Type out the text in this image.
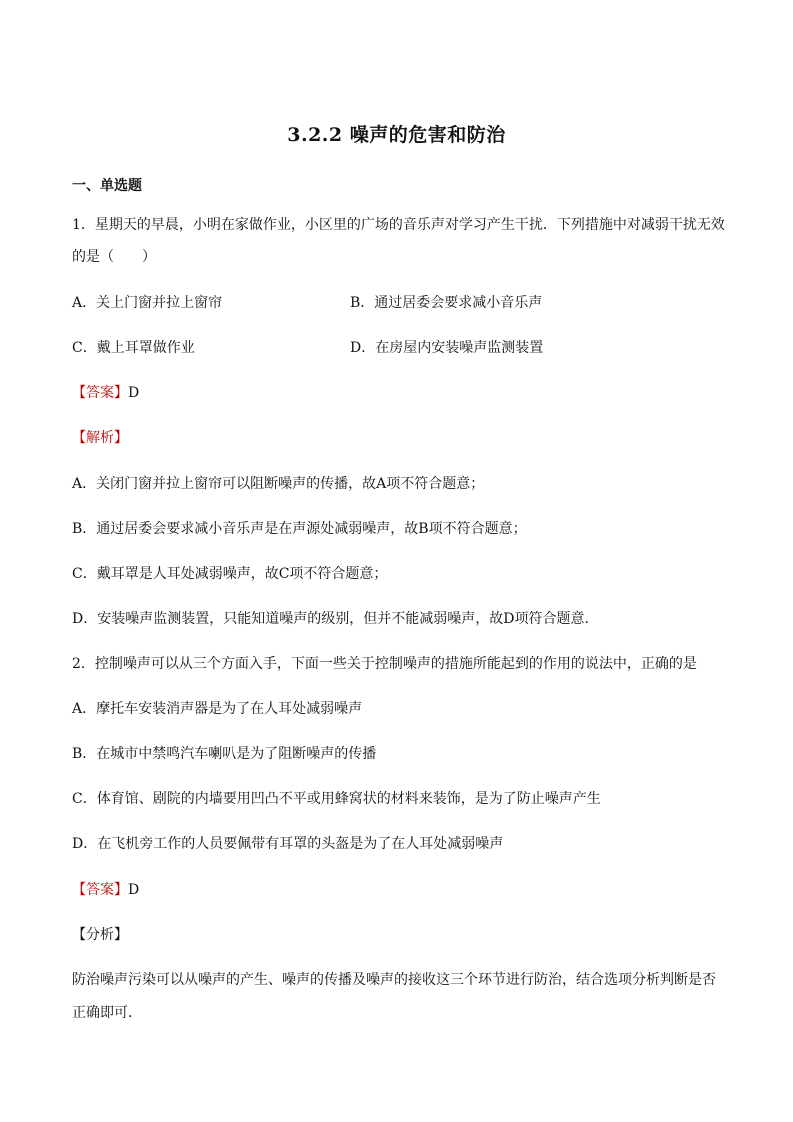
3.2.2 噪声的危害和防治
一、单选题
1．星期天的早晨，小明在家做作业，小区里的广场的音乐声对学习产生干扰．下列措施中对减弱干扰无效
的是（　　）
A．关上门窗并拉上窗帘	B．通过居委会要求减小音乐声
C．戴上耳罩做作业	D．在房屋内安装噪声监测装置
【答案】D
【解析】
A．关闭门窗并拉上窗帘可以阻断噪声的传播，故A项不符合题意；
B．通过居委会要求减小音乐声是在声源处减弱噪声，故B项不符合题意；
C．戴耳罩是人耳处减弱噪声，故C项不符合题意；
D．安装噪声监测装置，只能知道噪声的级别，但并不能减弱噪声，故D项符合题意．
2．控制噪声可以从三个方面入手，下面一些关于控制噪声的措施所能起到的作用的说法中，正确的是
A．摩托车安装消声器是为了在人耳处减弱噪声
B．在城市中禁鸣汽车喇叭是为了阻断噪声的传播
C．体育馆、剧院的内墙要用凹凸不平或用蜂窝状的材料来装饰，是为了防止噪声产生
D．在飞机旁工作的人员要佩带有耳罩的头盔是为了在人耳处减弱噪声
【答案】D
【分析】
防治噪声污染可以从噪声的产生、噪声的传播及噪声的接收这三个环节进行防治，结合选项分析判断是否
正确即可．
